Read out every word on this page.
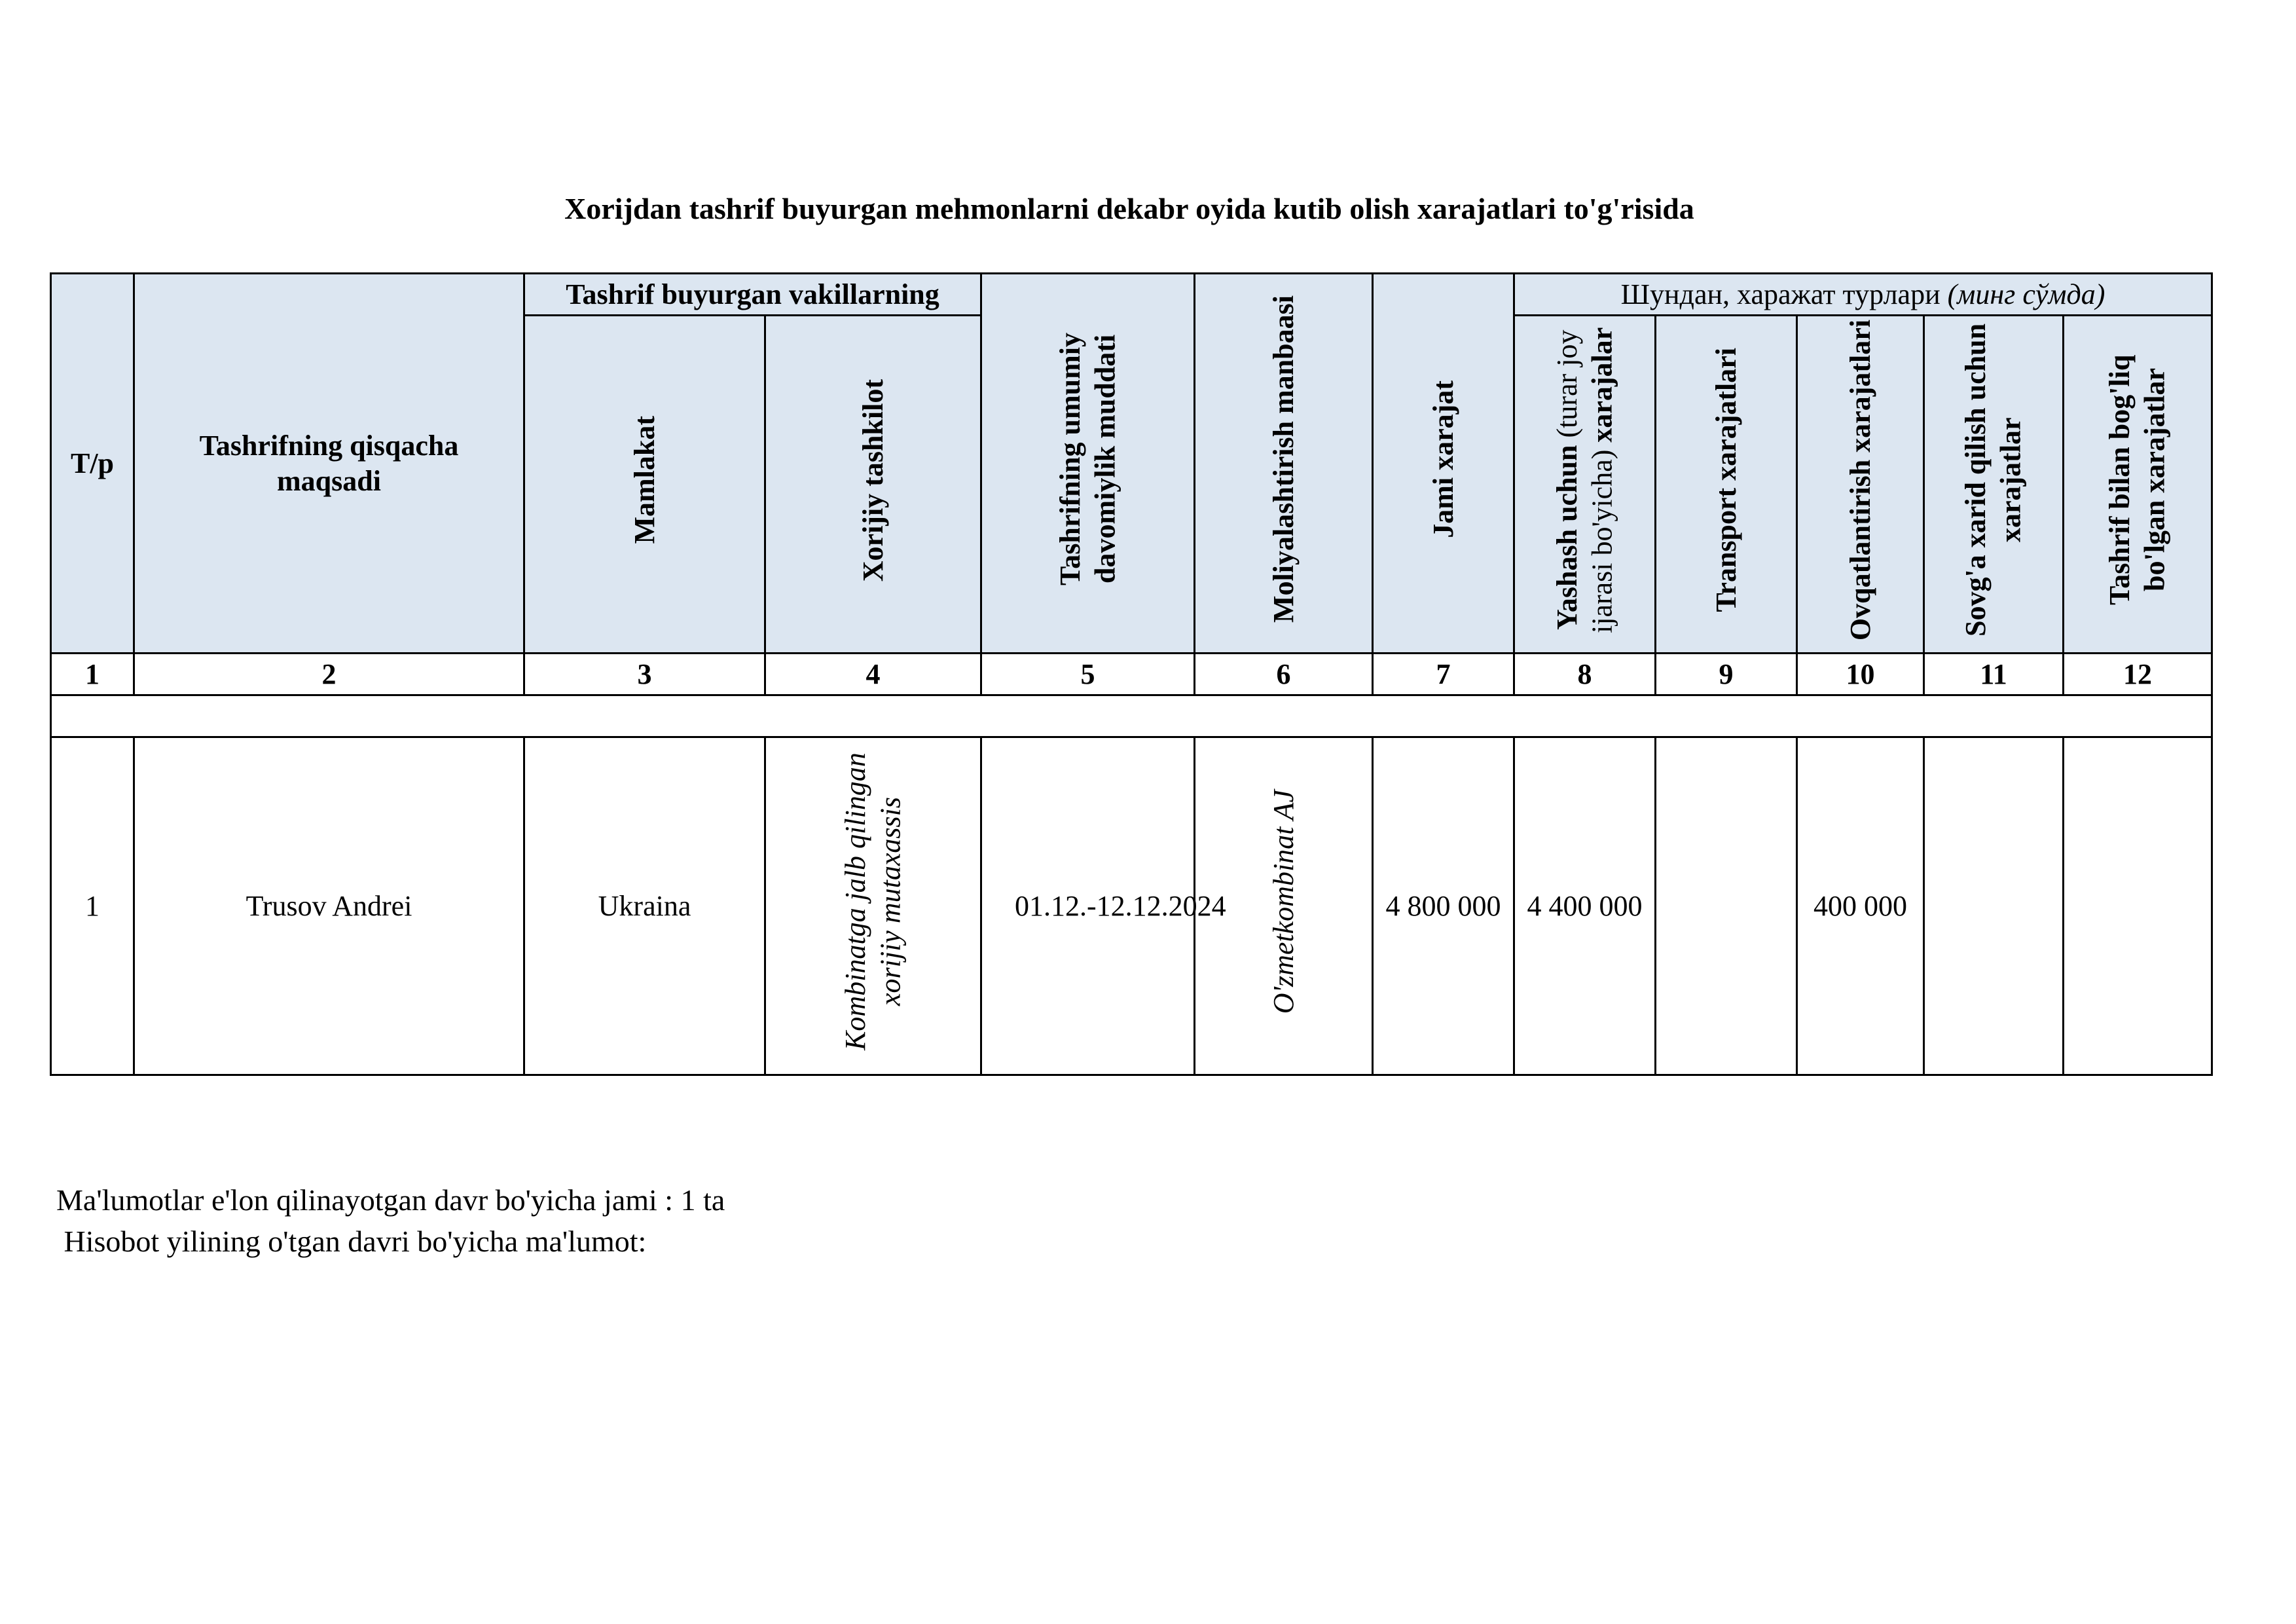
Xorijdan tashrif buyurgan mehmonlarni dekabr oyida kutib olish xarajatlari to'g'risida
T/p	Tashrifning qisqacha maqsadi	Tashrif buyurgan vakillarning		Tashrifning umumiy davomiylik muddati	Moliyalashtirish manbaasi	Jami xarajat	Шундан, харажат турлари (минг сўмда)				
		Mamlakat	Xorijiy tashkilot				Yashash uchun (turar joy ijarasi bo'yicha) xarajalar	Transport xarajatlari	Ovqatlantirish xarajatlari	Sovg'a xarid qilish uchun xarajatlar	Tashrif bilan bog'liq bo'lgan xarajatlar
1	2	3	4	5	6	7	8	9	10	11	12

1	Trusov Andrei	Ukraina	Kombinatga jalb qilingan xorijiy mutaxassis	01.12.-12.12.2024	O'zmetkombinat AJ	4 800 000	4 400 000		400 000		
Ma'lumotlar e'lon qilinayotgan davr bo'yicha jami : 1 ta
Hisobot yilining o'tgan davri bo'yicha ma'lumot:
